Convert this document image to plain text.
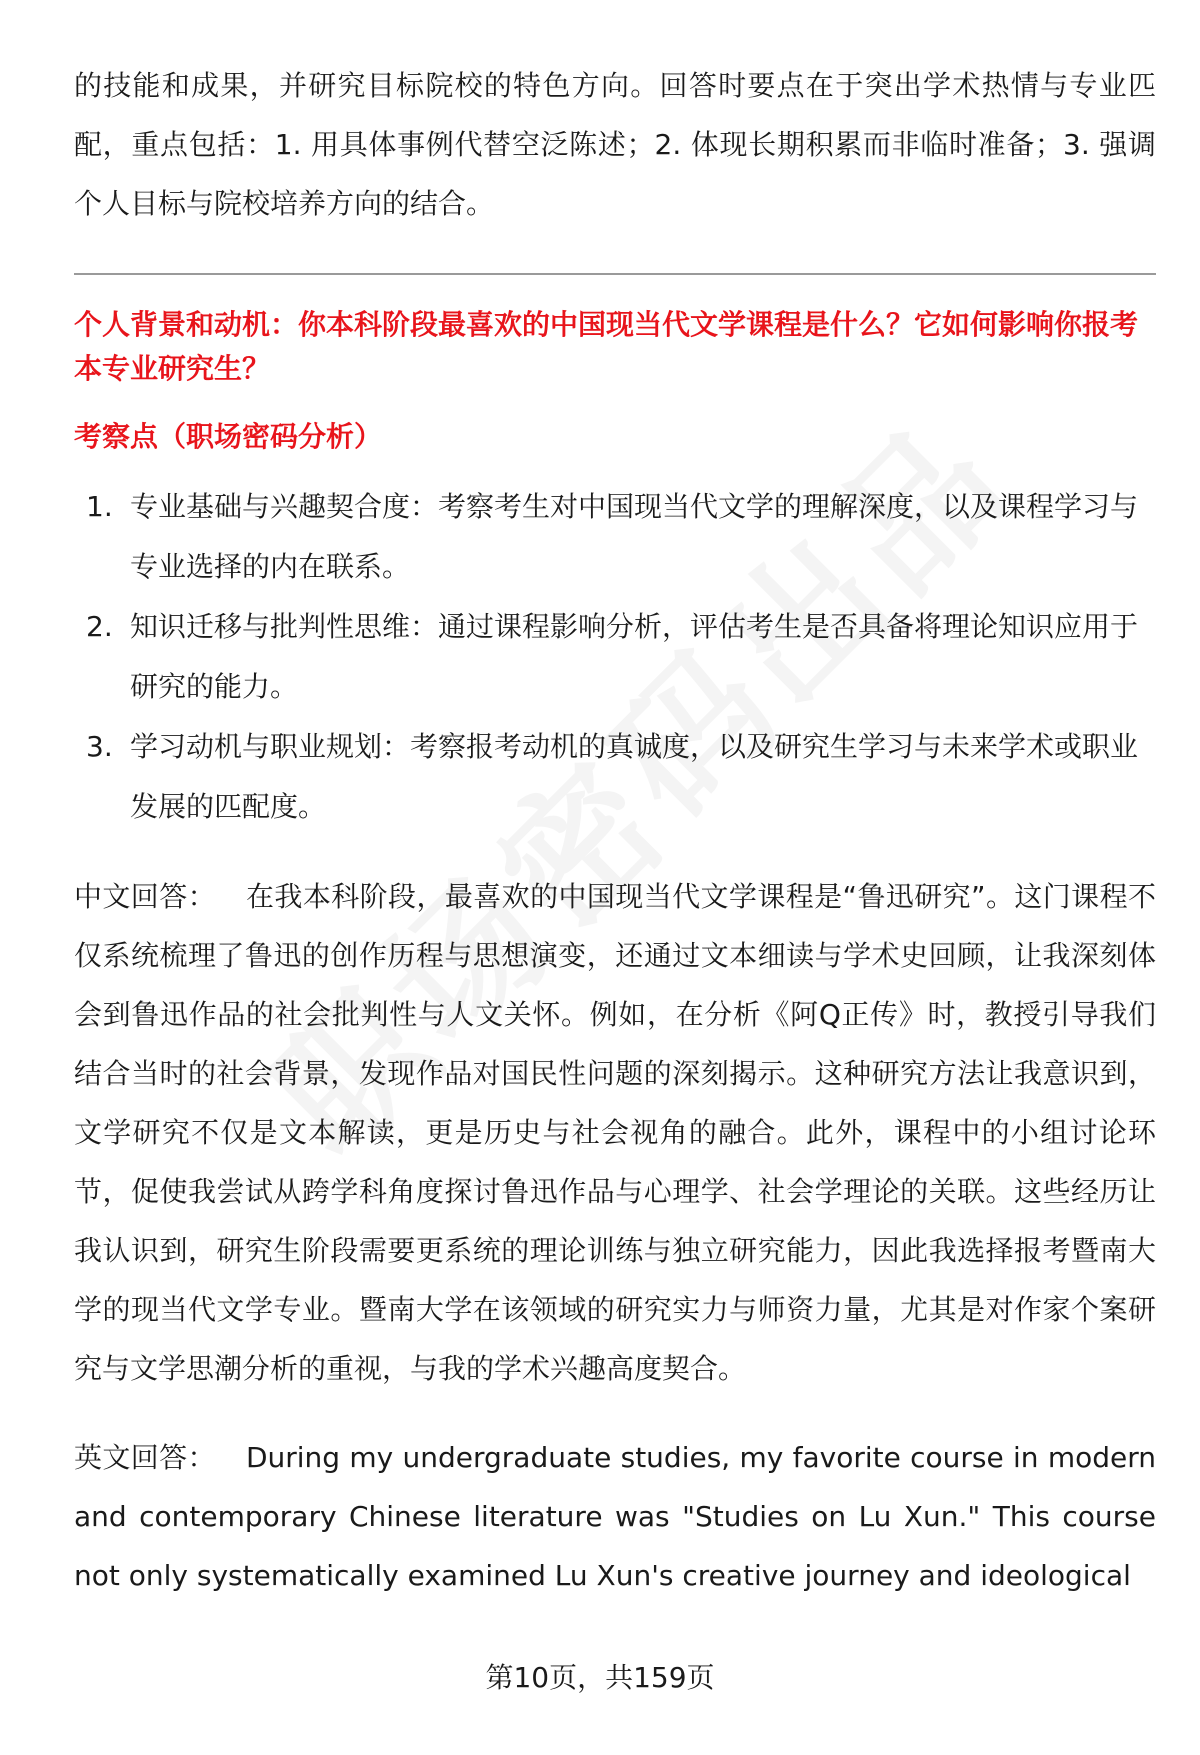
的技能和成果，并研究目标院校的特色方向。回答时要点在于突出学术热情与专业匹配，重点包括：1. 用具体事例代替空泛陈述；2. 体现长期积累而非临时准备；3. 强调个人目标与院校培养方向的结合。

个人背景和动机：你本科阶段最喜欢的中国现当代文学课程是什么？它如何影响你报考本专业研究生？

考察点（职场密码分析）

1. 专业基础与兴趣契合度：考察考生对中国现当代文学的理解深度，以及课程学习与专业选择的内在联系。
2. 知识迁移与批判性思维：通过课程影响分析，评估考生是否具备将理论知识应用于研究的能力。
3. 学习动机与职业规划：考察报考动机的真诚度，以及研究生学习与未来学术或职业发展的匹配度。

中文回答： 在我本科阶段，最喜欢的中国现当代文学课程是“鲁迅研究”。这门课程不仅系统梳理了鲁迅的创作历程与思想演变，还通过文本细读与学术史回顾，让我深刻体会到鲁迅作品的社会批判性与人文关怀。例如，在分析《阿Q正传》时，教授引导我们结合当时的社会背景，发现作品对国民性问题的深刻揭示。这种研究方法让我意识到，文学研究不仅是文本解读，更是历史与社会视角的融合。此外，课程中的小组讨论环节，促使我尝试从跨学科角度探讨鲁迅作品与心理学、社会学理论的关联。这些经历让我认识到，研究生阶段需要更系统的理论训练与独立研究能力，因此我选择报考暨南大学的现当代文学专业。暨南大学在该领域的研究实力与师资力量，尤其是对作家个案研究与文学思潮分析的重视，与我的学术兴趣高度契合。

英文回答： During my undergraduate studies, my favorite course in modern and contemporary Chinese literature was "Studies on Lu Xun." This course not only systematically examined Lu Xun's creative journey and ideological

第10页，共159页
